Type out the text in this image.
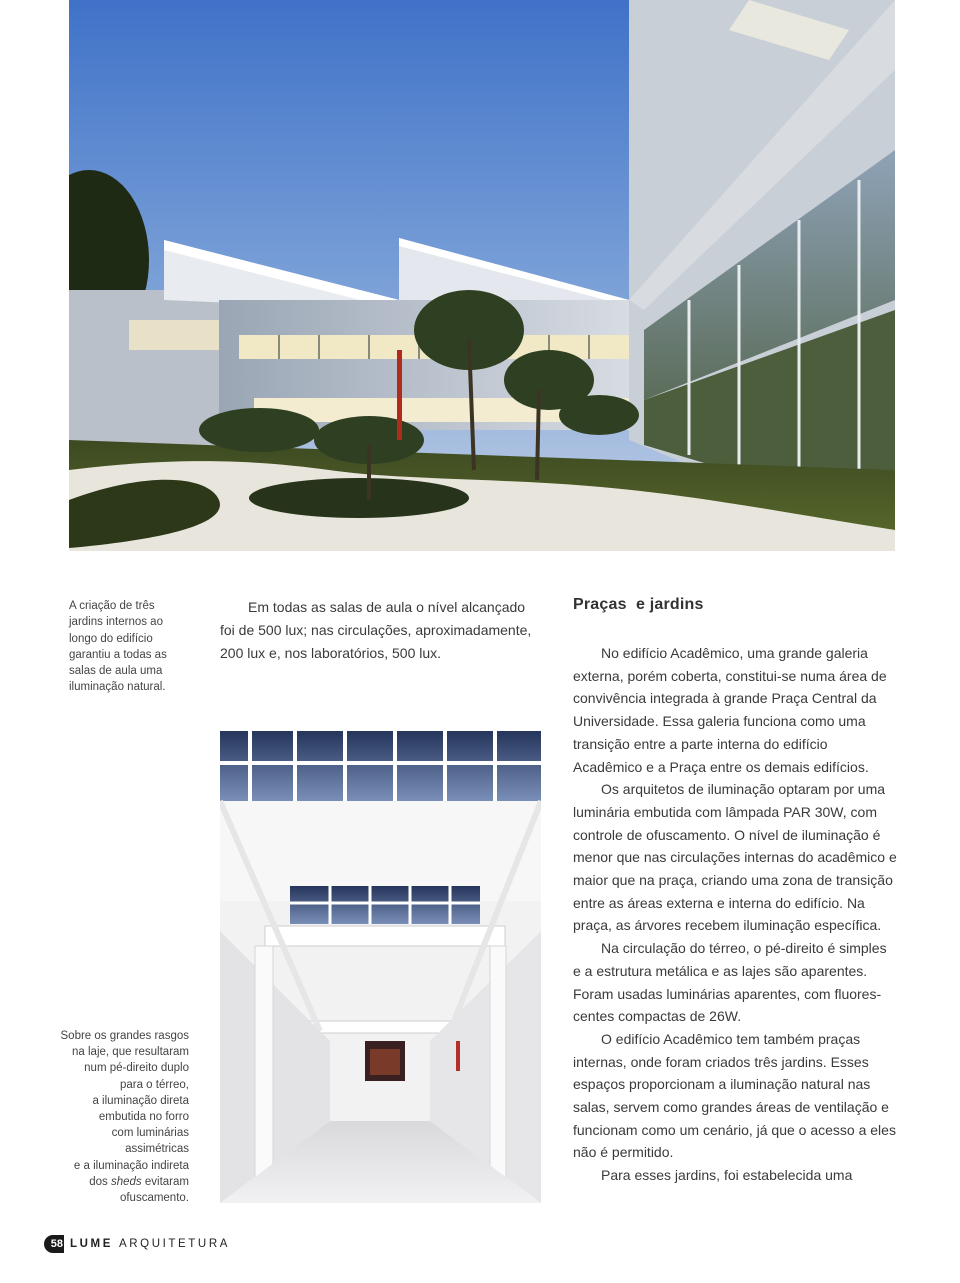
A criação de três jardins internos ao longo do edifício garantiu a todas as salas de aula uma iluminação natural.
Sobre os grandes rasgos
na laje, que resultaram
num pé-direito duplo
para o térreo,
a iluminação direta
embutida no forro
com luminárias
assimétricas
e a iluminação indireta
dos sheds evitaram
ofuscamento.
Em todas as salas de aula o nível alcançado foi de 500 lux; nas circulações, aproximadamente, 200 lux e, nos laboratórios, 500 lux.
Praças  e jardins

No edifício Acadêmico, uma grande galeria externa, porém coberta, constitui-se numa área de convivência integrada à grande Praça Central da Universidade. Essa galeria funciona como uma transição entre a parte interna do edifício Acadêmico e a Praça entre os demais edifícios.

Os arquitetos de iluminação optaram por uma luminária embutida com lâmpada PAR 30W, com controle de ofuscamento. O nível de iluminação é menor que nas circulações internas do acadêmico e maior que na praça, criando uma zona de transição entre as áreas externa e interna do edifício. Na praça, as árvores recebem iluminação específica.

Na circulação do térreo, o pé-direito é simples e a estrutura metálica e as lajes são aparentes. Foram usadas luminárias aparentes, com fluores-centes compactas de 26W.

O edifício Acadêmico tem também praças internas, onde foram criados três jardins. Esses espaços proporcionam a iluminação natural nas salas, servem como grandes áreas de ventilação e funcionam como um cenário, já que o acesso a eles não é permitido.

Para esses jardins, foi estabelecida uma

58 LUME ARQUITETURA
